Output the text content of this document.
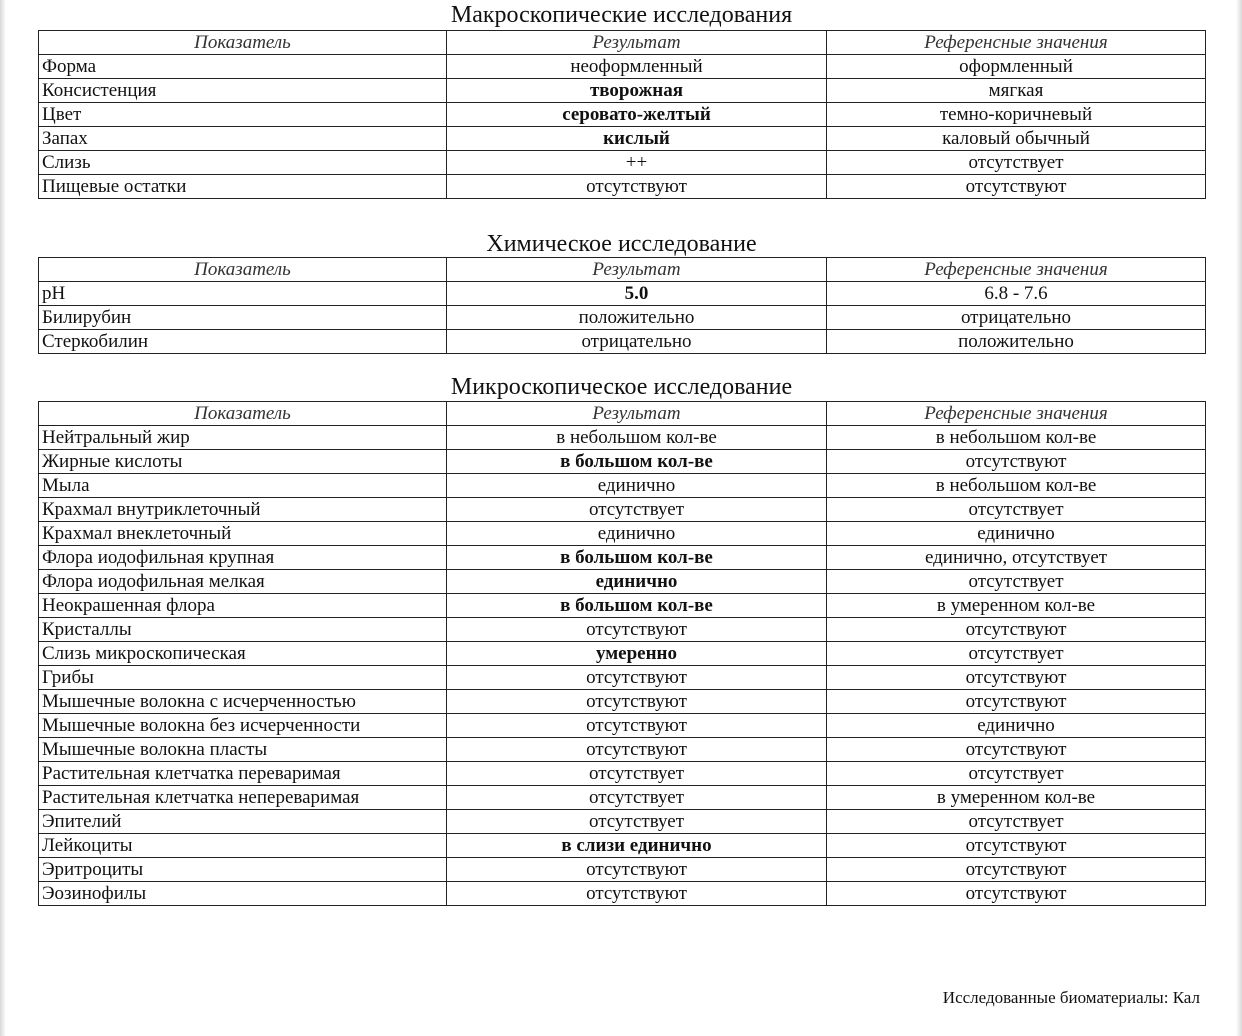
Макроскопические исследования
Показатель	Результат	Референсные значения
Форма	неоформленный	оформленный
Консистенция	творожная	мягкая
Цвет	серовато-желтый	темно-коричневый
Запах	кислый	каловый обычный
Слизь	++	отсутствует
Пищевые остатки	отсутствуют	отсутствуют
Химическое исследование
Показатель	Результат	Референсные значения
pH	5.0	6.8 - 7.6
Билирубин	положительно	отрицательно
Стеркобилин	отрицательно	положительно
Микроскопическое исследование
Показатель	Результат	Референсные значения
Нейтральный жир	в небольшом кол-ве	в небольшом кол-ве
Жирные кислоты	в большом кол-ве	отсутствуют
Мыла	единично	в небольшом кол-ве
Крахмал внутриклеточный	отсутствует	отсутствует
Крахмал внеклеточный	единично	единично
Флора иодофильная крупная	в большом кол-ве	единично, отсутствует
Флора иодофильная мелкая	единично	отсутствует
Неокрашенная флора	в большом кол-ве	в умеренном кол-ве
Кристаллы	отсутствуют	отсутствуют
Слизь микроскопическая	умеренно	отсутствует
Грибы	отсутствуют	отсутствуют
Мышечные волокна с исчерченностью	отсутствуют	отсутствуют
Мышечные волокна без исчерченности	отсутствуют	единично
Мышечные волокна пласты	отсутствуют	отсутствуют
Растительная клетчатка переваримая	отсутствует	отсутствует
Растительная клетчатка непереваримая	отсутствует	в умеренном кол-ве
Эпителий	отсутствует	отсутствует
Лейкоциты	в слизи единично	отсутствуют
Эритроциты	отсутствуют	отсутствуют
Эозинофилы	отсутствуют	отсутствуют
Исследованные биоматериалы: Кал
